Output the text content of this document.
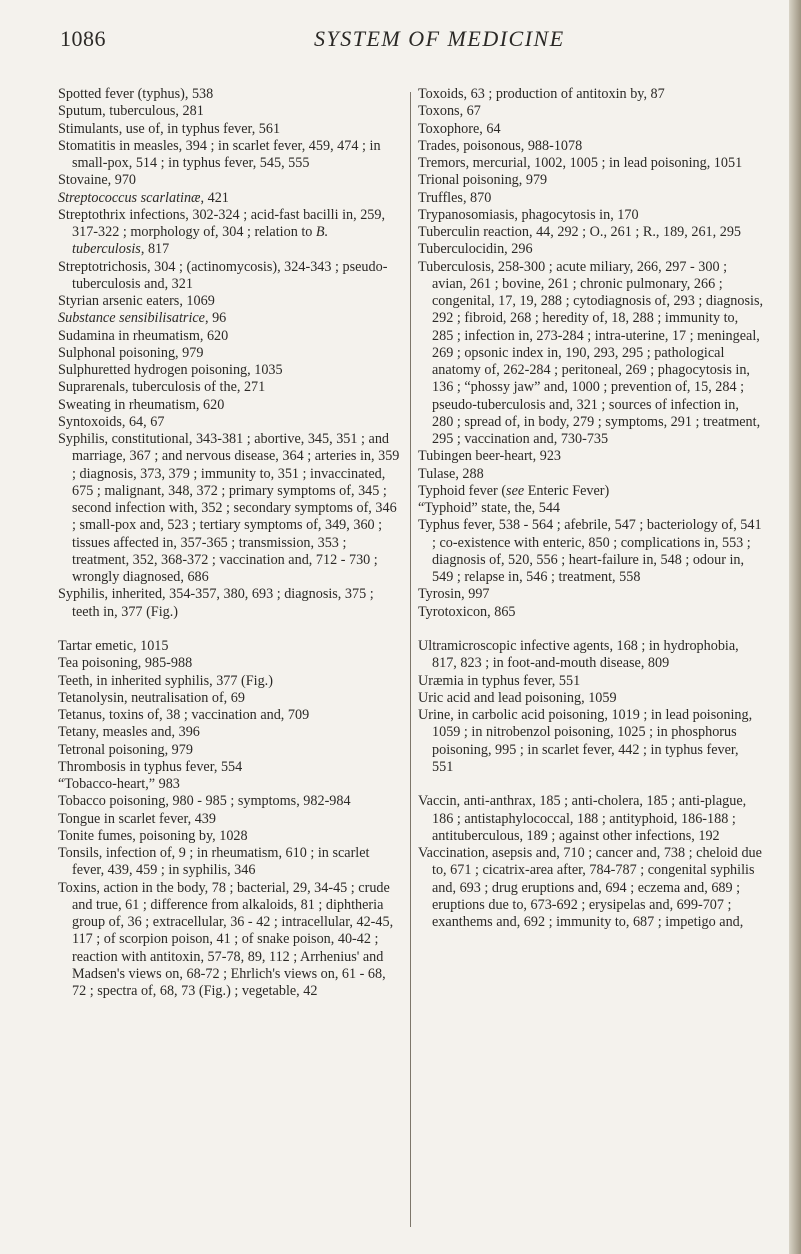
1086	SYSTEM OF MEDICINE

Spotted fever (typhus), 538

Sputum, tuberculous, 281

Stimulants, use of, in typhus fever, 561

Stomatitis in measles, 394 ; in scarlet fever, 459, 474 ; in small-pox, 514 ; in typhus fever, 545, 555

Stovaine, 970

Streptococcus scarlatinæ, 421

Streptothrix infections, 302-324 ; acid-fast bacilli in, 259, 317-322 ; morphology of, 304 ; relation to B. tuberculosis, 817

Streptotrichosis, 304 ; (actinomycosis), 324-343 ; pseudo-tuberculosis and, 321

Styrian arsenic eaters, 1069

Substance sensibilisatrice, 96

Sudamina in rheumatism, 620

Sulphonal poisoning, 979

Sulphuretted hydrogen poisoning, 1035

Suprarenals, tuberculosis of the, 271

Sweating in rheumatism, 620

Syntoxoids, 64, 67

Syphilis, constitutional, 343-381 ; abortive, 345, 351 ; and marriage, 367 ; and nervous disease, 364 ; arteries in, 359 ; diagnosis, 373, 379 ; immunity to, 351 ; invaccinated, 675 ; malignant, 348, 372 ; primary symptoms of, 345 ; second infection with, 352 ; secondary symptoms of, 346 ; small-pox and, 523 ; tertiary symptoms of, 349, 360 ; tissues affected in, 357-365 ; transmission, 353 ; treatment, 352, 368-372 ; vaccination and, 712 - 730 ; wrongly diagnosed, 686

Syphilis, inherited, 354-357, 380, 693 ; diagnosis, 375 ; teeth in, 377 (Fig.)

Tartar emetic, 1015

Tea poisoning, 985-988

Teeth, in inherited syphilis, 377 (Fig.)

Tetanolysin, neutralisation of, 69

Tetanus, toxins of, 38 ; vaccination and, 709

Tetany, measles and, 396

Tetronal poisoning, 979

Thrombosis in typhus fever, 554

“Tobacco-heart,” 983

Tobacco poisoning, 980 - 985 ; symptoms, 982-984

Tongue in scarlet fever, 439

Tonite fumes, poisoning by, 1028

Tonsils, infection of, 9 ; in rheumatism, 610 ; in scarlet fever, 439, 459 ; in syphilis, 346

Toxins, action in the body, 78 ; bacterial, 29, 34-45 ; crude and true, 61 ; difference from alkaloids, 81 ; diphtheria group of, 36 ; extracellular, 36 - 42 ; intracellular, 42-45, 117 ; of scorpion poison, 41 ; of snake poison, 40-42 ; reaction with antitoxin, 57-78, 89, 112 ; Arrhenius' and Madsen's views on, 68-72 ; Ehrlich's views on, 61 - 68, 72 ; spectra of, 68, 73 (Fig.) ; vegetable, 42

Toxoids, 63 ; production of antitoxin by, 87

Toxons, 67

Toxophore, 64

Trades, poisonous, 988-1078

Tremors, mercurial, 1002, 1005 ; in lead poisoning, 1051

Trional poisoning, 979

Truffles, 870

Trypanosomiasis, phagocytosis in, 170

Tuberculin reaction, 44, 292 ; O., 261 ; R., 189, 261, 295

Tuberculocidin, 296

Tuberculosis, 258-300 ; acute miliary, 266, 297 - 300 ; avian, 261 ; bovine, 261 ; chronic pulmonary, 266 ; congenital, 17, 19, 288 ; cytodiagnosis of, 293 ; diagnosis, 292 ; fibroid, 268 ; heredity of, 18, 288 ; immunity to, 285 ; infection in, 273-284 ; intra-uterine, 17 ; meningeal, 269 ; opsonic index in, 190, 293, 295 ; pathological anatomy of, 262-284 ; peritoneal, 269 ; phagocytosis in, 136 ; “phossy jaw” and, 1000 ; prevention of, 15, 284 ; pseudo-tuberculosis and, 321 ; sources of infection in, 280 ; spread of, in body, 279 ; symptoms, 291 ; treatment, 295 ; vaccination and, 730-735

Tubingen beer-heart, 923

Tulase, 288

Typhoid fever (see Enteric Fever)

“Typhoid” state, the, 544

Typhus fever, 538 - 564 ; afebrile, 547 ; bacteriology of, 541 ; co-existence with enteric, 850 ; complications in, 553 ; diagnosis of, 520, 556 ; heart-failure in, 548 ; odour in, 549 ; relapse in, 546 ; treatment, 558

Tyrosin, 997

Tyrotoxicon, 865

Ultramicroscopic infective agents, 168 ; in hydrophobia, 817, 823 ; in foot-and-mouth disease, 809

Uræmia in typhus fever, 551

Uric acid and lead poisoning, 1059

Urine, in carbolic acid poisoning, 1019 ; in lead poisoning, 1059 ; in nitrobenzol poisoning, 1025 ; in phosphorus poisoning, 995 ; in scarlet fever, 442 ; in typhus fever, 551

Vaccin, anti-anthrax, 185 ; anti-cholera, 185 ; anti-plague, 186 ; antistaphylococcal, 188 ; antityphoid, 186-188 ; antituberculous, 189 ; against other infections, 192

Vaccination, asepsis and, 710 ; cancer and, 738 ; cheloid due to, 671 ; cicatrix-area after, 784-787 ; congenital syphilis and, 693 ; drug eruptions and, 694 ; eczema and, 689 ; eruptions due to, 673-692 ; erysipelas and, 699-707 ; exanthems and, 692 ; immunity to, 687 ; impetigo and,
